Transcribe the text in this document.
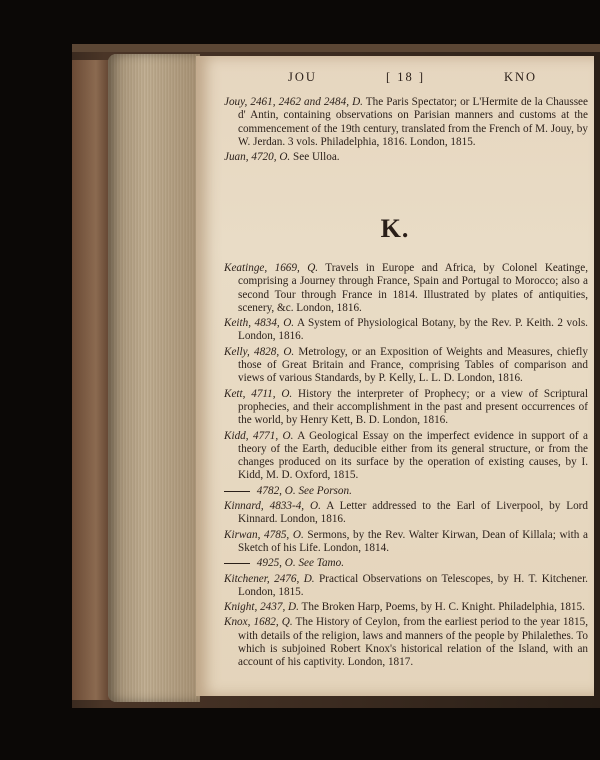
JOU	[ 18 ]	KNO

Jouy, 2461, 2462 and 2484, D. The Paris Spectator; or L'Hermite de la Chaussee d' Antin, containing observations on Parisian manners and customs at the commencement of the 19th century, translated from the French of M. Jouy, by W. Jerdan. 3 vols. Philadelphia, 1816. London, 1815.

Juan, 4720, O. See Ulloa.

K.

Keatinge, 1669, Q. Travels in Europe and Africa, by Colonel Keatinge, comprising a Journey through France, Spain and Portugal to Morocco; also a second Tour through France in 1814. Illustrated by plates of antiquities, scenery, &c. London, 1816.

Keith, 4834, O. A System of Physiological Botany, by the Rev. P. Keith. 2 vols. London, 1816.

Kelly, 4828, O. Metrology, or an Exposition of Weights and Measures, chiefly those of Great Britain and France, comprising Tables of comparison and views of various Standards, by P. Kelly, L. L. D. London, 1816.

Kett, 4711, O. History the interpreter of Prophecy; or a view of Scriptural prophecies, and their accomplishment in the past and present occurrences of the world, by Henry Kett, B. D. London, 1816.

Kidd, 4771, O. A Geological Essay on the imperfect evidence in support of a theory of the Earth, deducible either from its general structure, or from the changes produced on its surface by the operation of existing causes, by I. Kidd, M. D. Oxford, 1815.

4782, O. See Porson.

Kinnard, 4833-4, O. A Letter addressed to the Earl of Liverpool, by Lord Kinnard. London, 1816.

Kirwan, 4785, O. Sermons, by the Rev. Walter Kirwan, Dean of Killala; with a Sketch of his Life. London, 1814.

4925, O. See Tamo.

Kitchener, 2476, D. Practical Observations on Telescopes, by H. T. Kitchener. London, 1815.

Knight, 2437, D. The Broken Harp, Poems, by H. C. Knight. Philadelphia, 1815.

Knox, 1682, Q. The History of Ceylon, from the earliest period to the year 1815, with details of the religion, laws and manners of the people by Philalethes. To which is subjoined Robert Knox's historical relation of the Island, with an account of his captivity. London, 1817.
